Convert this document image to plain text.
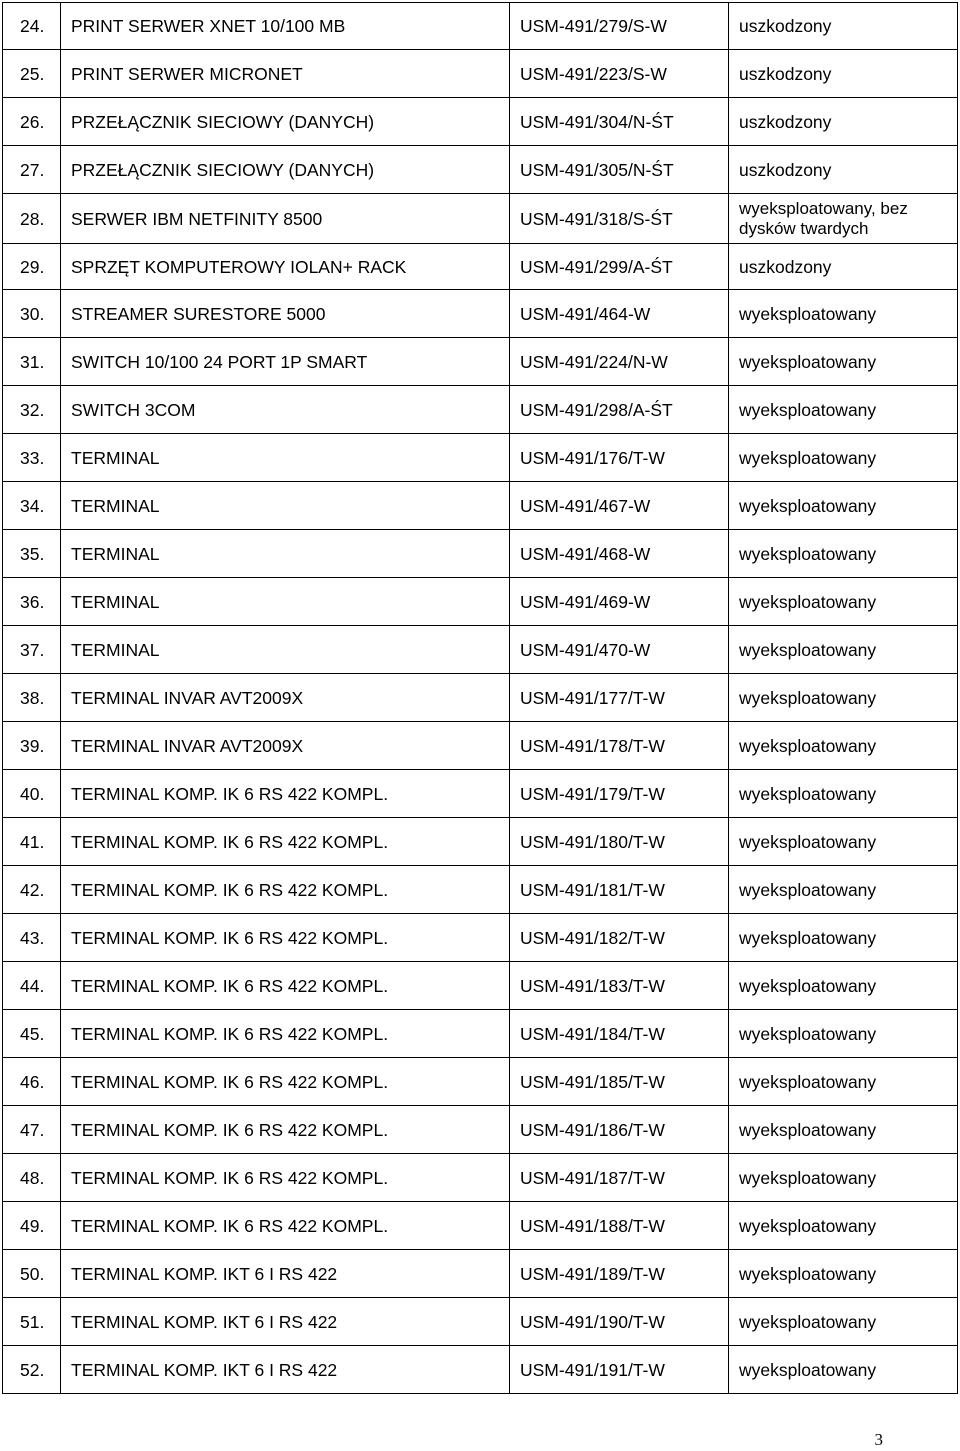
24.	PRINT SERWER XNET 10/100 MB	USM-491/279/S-W	uszkodzony
25.	PRINT SERWER MICRONET	USM-491/223/S-W	uszkodzony
26.	PRZEŁĄCZNIK SIECIOWY (DANYCH)	USM-491/304/N-ŚT	uszkodzony
27.	PRZEŁĄCZNIK SIECIOWY (DANYCH)	USM-491/305/N-ŚT	uszkodzony
28.	SERWER IBM NETFINITY 8500	USM-491/318/S-ŚT	wyeksploatowany, bez dysków twardych
29.	SPRZĘT KOMPUTEROWY IOLAN+ RACK	USM-491/299/A-ŚT	uszkodzony
30.	STREAMER SURESTORE 5000	USM-491/464-W	wyeksploatowany
31.	SWITCH 10/100 24 PORT 1P SMART	USM-491/224/N-W	wyeksploatowany
32.	SWITCH 3COM	USM-491/298/A-ŚT	wyeksploatowany
33.	TERMINAL	USM-491/176/T-W	wyeksploatowany
34.	TERMINAL	USM-491/467-W	wyeksploatowany
35.	TERMINAL	USM-491/468-W	wyeksploatowany
36.	TERMINAL	USM-491/469-W	wyeksploatowany
37.	TERMINAL	USM-491/470-W	wyeksploatowany
38.	TERMINAL INVAR AVT2009X	USM-491/177/T-W	wyeksploatowany
39.	TERMINAL INVAR AVT2009X	USM-491/178/T-W	wyeksploatowany
40.	TERMINAL KOMP. IK 6 RS 422 KOMPL.	USM-491/179/T-W	wyeksploatowany
41.	TERMINAL KOMP. IK 6 RS 422 KOMPL.	USM-491/180/T-W	wyeksploatowany
42.	TERMINAL KOMP. IK 6 RS 422 KOMPL.	USM-491/181/T-W	wyeksploatowany
43.	TERMINAL KOMP. IK 6 RS 422 KOMPL.	USM-491/182/T-W	wyeksploatowany
44.	TERMINAL KOMP. IK 6 RS 422 KOMPL.	USM-491/183/T-W	wyeksploatowany
45.	TERMINAL KOMP. IK 6 RS 422 KOMPL.	USM-491/184/T-W	wyeksploatowany
46.	TERMINAL KOMP. IK 6 RS 422 KOMPL.	USM-491/185/T-W	wyeksploatowany
47.	TERMINAL KOMP. IK 6 RS 422 KOMPL.	USM-491/186/T-W	wyeksploatowany
48.	TERMINAL KOMP. IK 6 RS 422 KOMPL.	USM-491/187/T-W	wyeksploatowany
49.	TERMINAL KOMP. IK 6 RS 422 KOMPL.	USM-491/188/T-W	wyeksploatowany
50.	TERMINAL KOMP. IKT 6 I RS 422	USM-491/189/T-W	wyeksploatowany
51.	TERMINAL KOMP. IKT 6 I RS 422	USM-491/190/T-W	wyeksploatowany
52.	TERMINAL KOMP. IKT 6 I RS 422	USM-491/191/T-W	wyeksploatowany
3
